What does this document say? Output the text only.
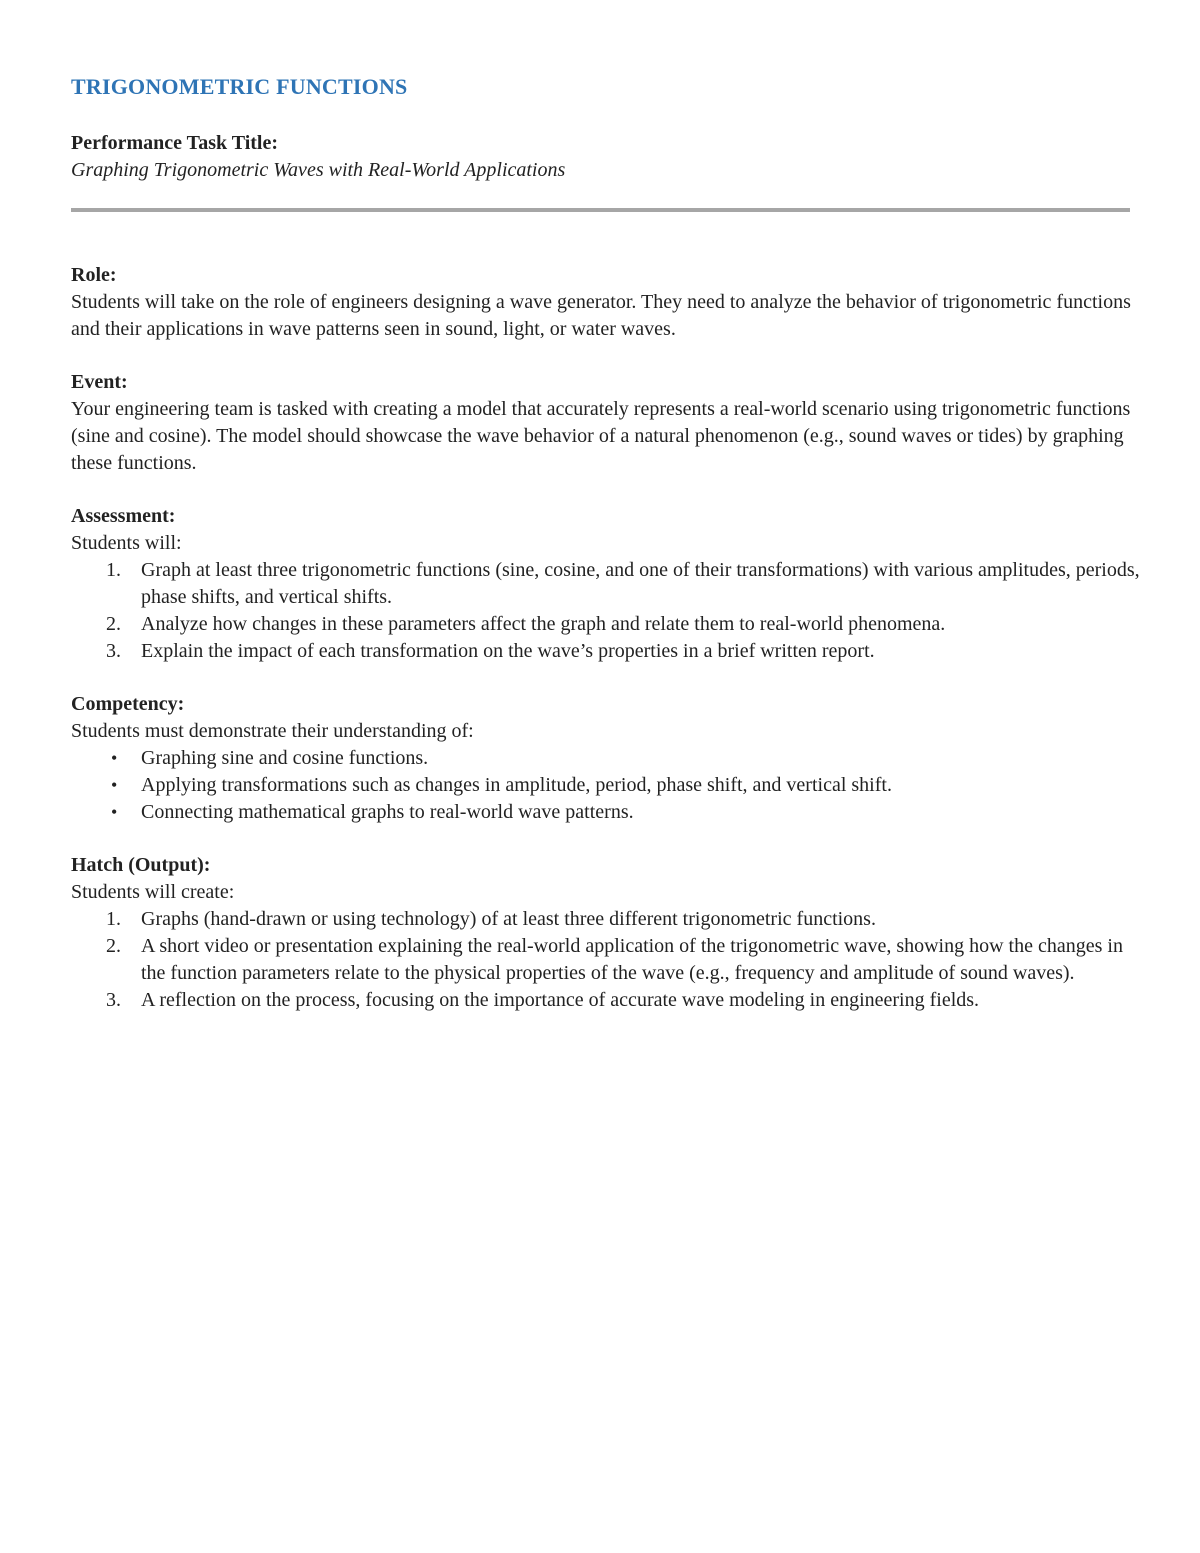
TRIGONOMETRIC FUNCTIONS
Performance Task Title:
Graphing Trigonometric Waves with Real-World Applications
Role:

Students will take on the role of engineers designing a wave generator. They need to analyze the behavior of trigonometric functions and their applications in wave patterns seen in sound, light, or water waves.

Event:

Your engineering team is tasked with creating a model that accurately represents a real-world scenario using trigonometric functions (sine and cosine). The model should showcase the wave behavior of a natural phenomenon (e.g., sound waves or tides) by graphing these functions.

Assessment:

Students will:

1. Graph at least three trigonometric functions (sine, cosine, and one of their transformations) with various amplitudes, periods, phase shifts, and vertical shifts.
2. Analyze how changes in these parameters affect the graph and relate them to real-world phenomena.
3. Explain the impact of each transformation on the wave’s properties in a brief written report.
Competency:

Students must demonstrate their understanding of:

• Graphing sine and cosine functions.
• Applying transformations such as changes in amplitude, period, phase shift, and vertical shift.
• Connecting mathematical graphs to real-world wave patterns.
Hatch (Output):

Students will create:

1. Graphs (hand-drawn or using technology) of at least three different trigonometric functions.
2. A short video or presentation explaining the real-world application of the trigonometric wave, showing how the changes in the function parameters relate to the physical properties of the wave (e.g., frequency and amplitude of sound waves).
3. A reflection on the process, focusing on the importance of accurate wave modeling in engineering fields.
